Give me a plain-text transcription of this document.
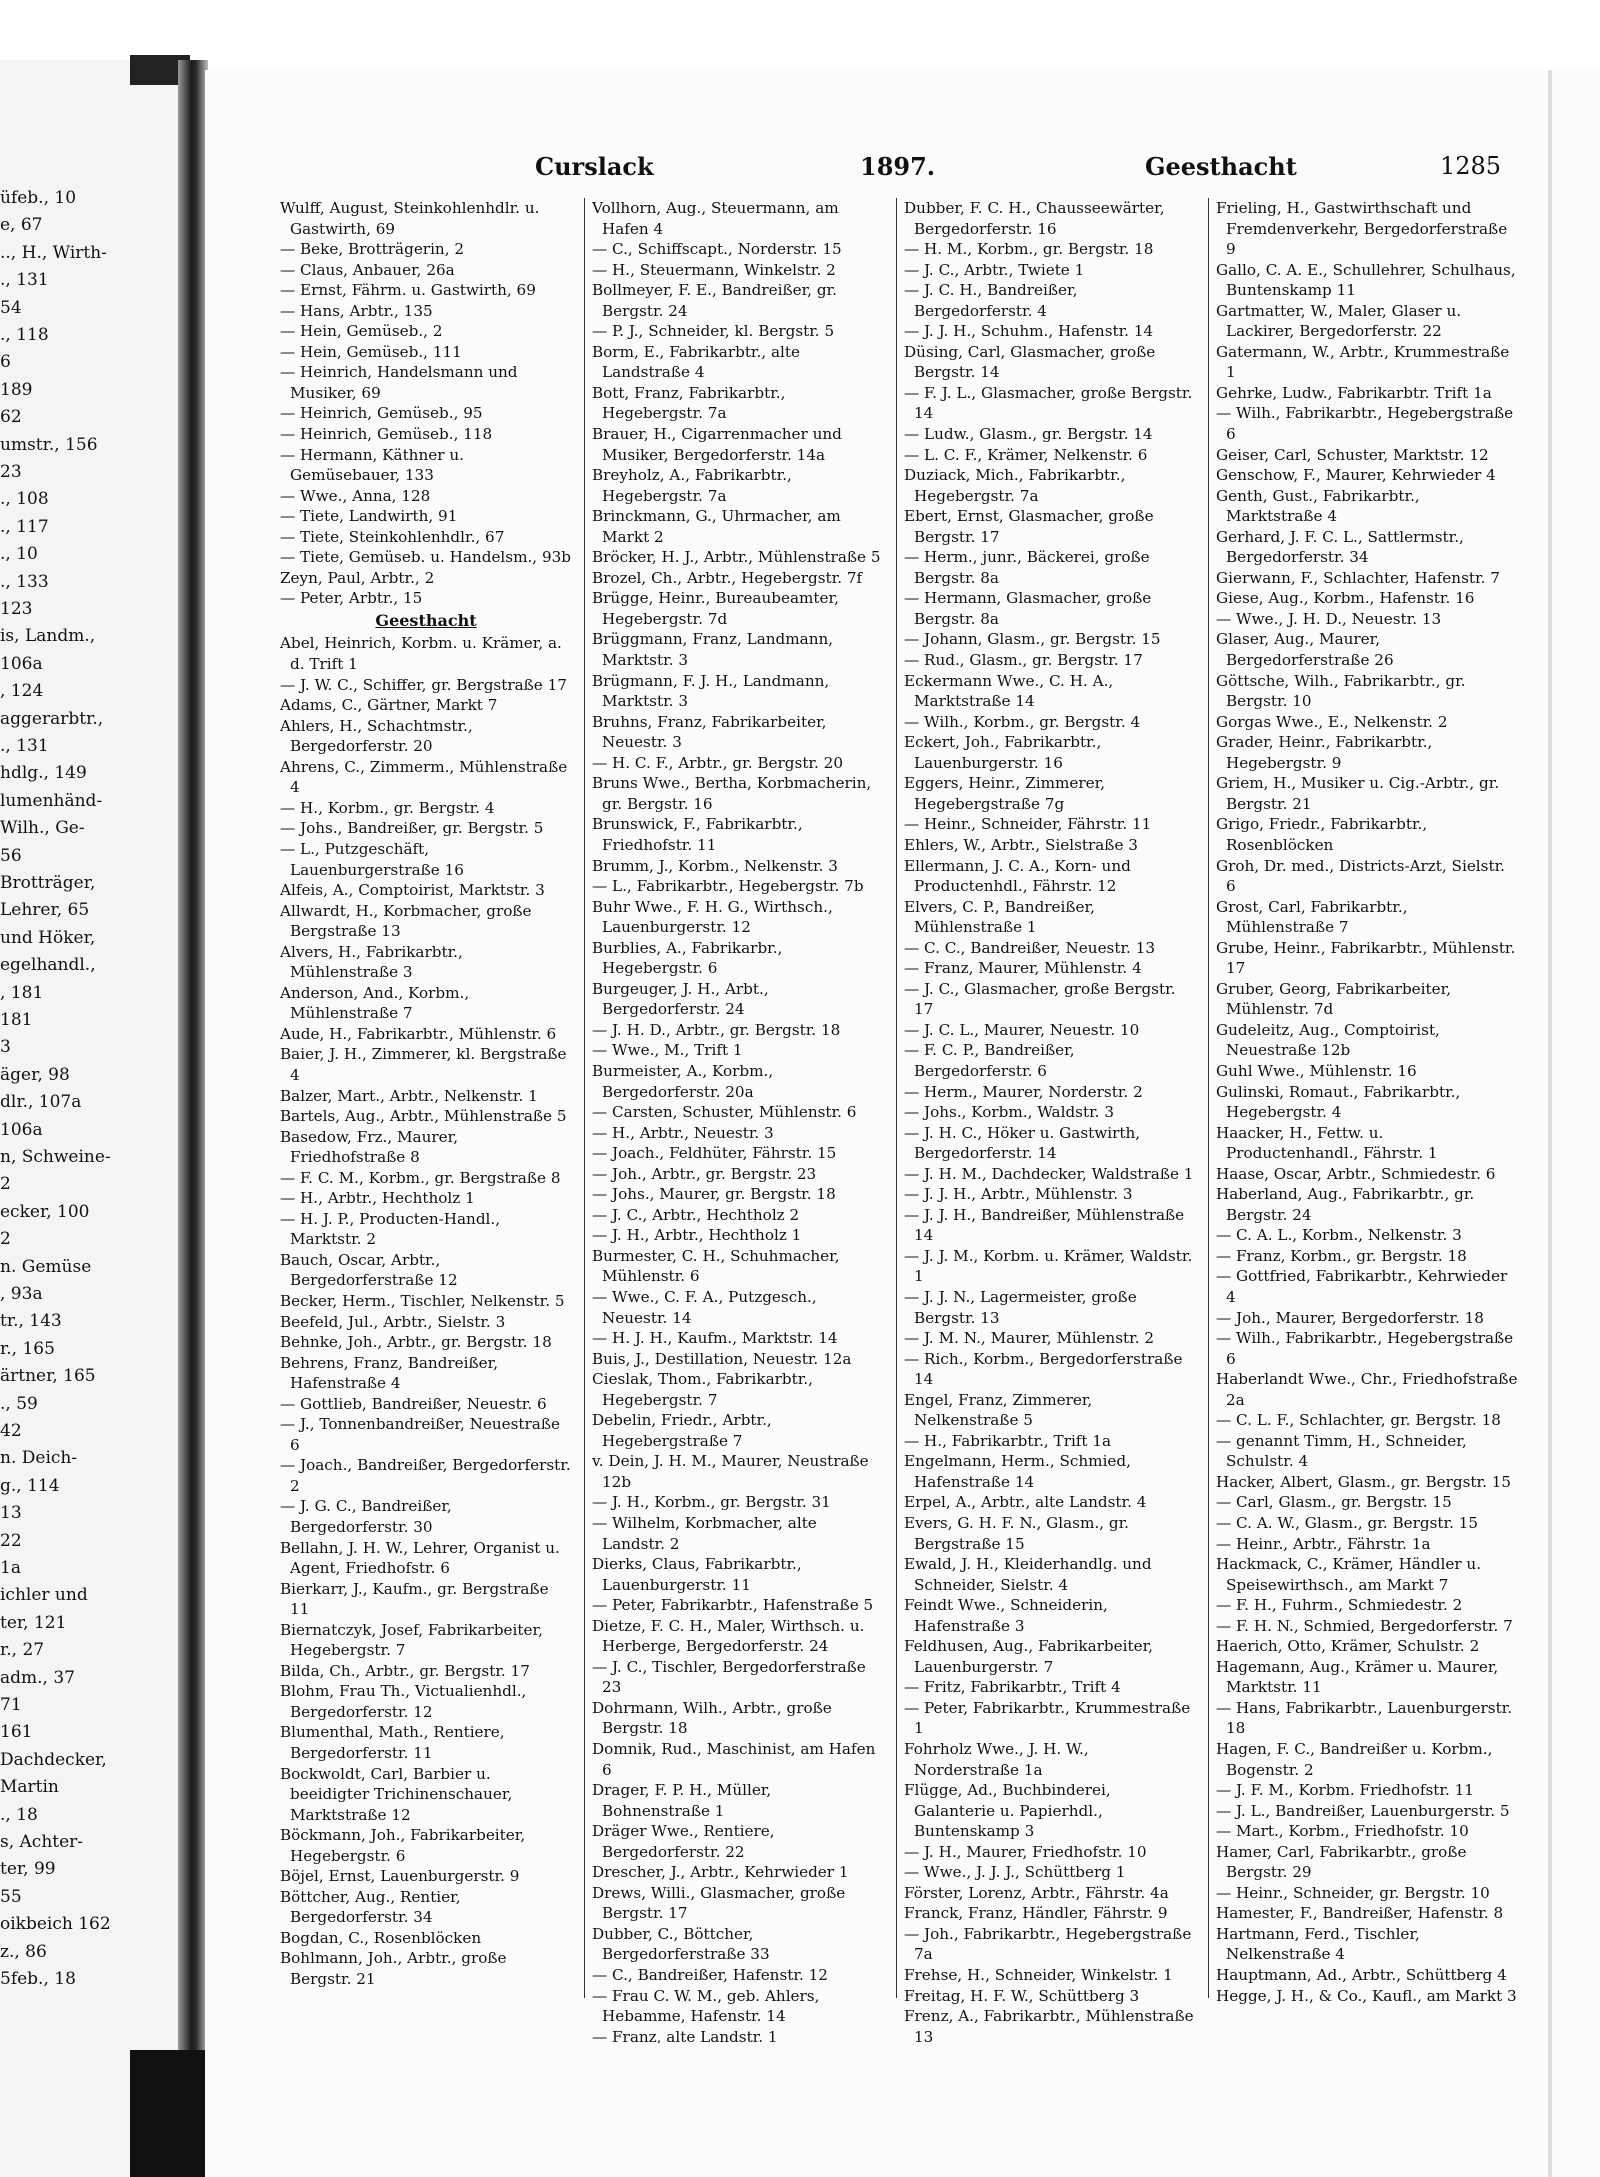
üfeb., 10
e, 67
.., H., Wirth-
., 131
54
., 118
6
189
62
umstr., 156
23
., 108
., 117
., 10
., 133
123
is, Landm.,
106a
, 124
aggerarbtr.,
., 131
hdlg., 149
lumenhänd-
Wilh., Ge-
56
Brotträger,
Lehrer, 65
und Höker,
egelhandl.,
, 181
181
3
äger, 98
dlr., 107a
106a
n, Schweine-
2
ecker, 100
2
n. Gemüse
, 93a
tr., 143
r., 165
ärtner, 165
., 59
42
n. Deich-
g., 114
13
22
1a
ichler und
ter, 121
r., 27
adm., 37
71
161
Dachdecker,
Martin
., 18
s, Achter-
ter, 99
55
oikbeich 162
z., 86
5feb., 18
Curslack	1897.	Geesthacht	1285
Wulff, August, Steinkohlenhdlr. u. Gastwirth, 69
— Beke, Brotträgerin, 2
— Claus, Anbauer, 26a
— Ernst, Fährm. u. Gastwirth, 69
— Hans, Arbtr., 135
— Hein, Gemüseb., 2
— Hein, Gemüseb., 111
— Heinrich, Handelsmann und Musiker, 69
— Heinrich, Gemüseb., 95
— Heinrich, Gemüseb., 118
— Hermann, Käthner u. Gemüsebauer, 133
— Wwe., Anna, 128
— Tiete, Landwirth, 91
— Tiete, Steinkohlenhdlr., 67
— Tiete, Gemüseb. u. Handelsm., 93b
Zeyn, Paul, Arbtr., 2
— Peter, Arbtr., 15
Geesthacht
Abel, Heinrich, Korbm. u. Krämer, a. d. Trift 1
— J. W. C., Schiffer, gr. Bergstraße 17
Adams, C., Gärtner, Markt 7
Ahlers, H., Schachtmstr., Bergedorferstr. 20
Ahrens, C., Zimmerm., Mühlenstraße 4
— H., Korbm., gr. Bergstr. 4
— Johs., Bandreißer, gr. Bergstr. 5
— L., Putzgeschäft, Lauenburgerstraße 16
Alfeis, A., Comptoirist, Marktstr. 3
Allwardt, H., Korbmacher, große Bergstraße 13
Alvers, H., Fabrikarbtr., Mühlenstraße 3
Anderson, And., Korbm., Mühlenstraße 7
Aude, H., Fabrikarbtr., Mühlenstr. 6
Baier, J. H., Zimmerer, kl. Bergstraße 4
Balzer, Mart., Arbtr., Nelkenstr. 1
Bartels, Aug., Arbtr., Mühlenstraße 5
Basedow, Frz., Maurer, Friedhofstraße 8
— F. C. M., Korbm., gr. Bergstraße 8
— H., Arbtr., Hechtholz 1
— H. J. P., Producten-Handl., Marktstr. 2
Bauch, Oscar, Arbtr., Bergedorferstraße 12
Becker, Herm., Tischler, Nelkenstr. 5
Beefeld, Jul., Arbtr., Sielstr. 3
Behnke, Joh., Arbtr., gr. Bergstr. 18
Behrens, Franz, Bandreißer, Hafenstraße 4
— Gottlieb, Bandreißer, Neuestr. 6
— J., Tonnenbandreißer, Neuestraße 6
— Joach., Bandreißer, Bergedorferstr. 2
— J. G. C., Bandreißer, Bergedorferstr. 30
Bellahn, J. H. W., Lehrer, Organist u. Agent, Friedhofstr. 6
Bierkarr, J., Kaufm., gr. Bergstraße 11
Biernatczyk, Josef, Fabrikarbeiter, Hegebergstr. 7
Bilda, Ch., Arbtr., gr. Bergstr. 17
Blohm, Frau Th., Victualienhdl., Bergedorferstr. 12
Blumenthal, Math., Rentiere, Bergedorferstr. 11
Bockwoldt, Carl, Barbier u. beeidigter Trichinenschauer, Marktstraße 12
Böckmann, Joh., Fabrikarbeiter, Hegebergstr. 6
Böjel, Ernst, Lauenburgerstr. 9
Böttcher, Aug., Rentier, Bergedorferstr. 34
Bogdan, C., Rosenblöcken
Bohlmann, Joh., Arbtr., große Bergstr. 21
Vollhorn, Aug., Steuermann, am Hafen 4
— C., Schiffscapt., Norderstr. 15
— H., Steuermann, Winkelstr. 2
Bollmeyer, F. E., Bandreißer, gr. Bergstr. 24
— P. J., Schneider, kl. Bergstr. 5
Borm, E., Fabrikarbtr., alte Landstraße 4
Bott, Franz, Fabrikarbtr., Hegebergstr. 7a
Brauer, H., Cigarrenmacher und Musiker, Bergedorferstr. 14a
Breyholz, A., Fabrikarbtr., Hegebergstr. 7a
Brinckmann, G., Uhrmacher, am Markt 2
Bröcker, H. J., Arbtr., Mühlenstraße 5
Brozel, Ch., Arbtr., Hegebergstr. 7f
Brügge, Heinr., Bureaubeamter, Hegebergstr. 7d
Brüggmann, Franz, Landmann, Marktstr. 3
Brügmann, F. J. H., Landmann, Marktstr. 3
Bruhns, Franz, Fabrikarbeiter, Neuestr. 3
— H. C. F., Arbtr., gr. Bergstr. 20
Bruns Wwe., Bertha, Korbmacherin, gr. Bergstr. 16
Brunswick, F., Fabrikarbtr., Friedhofstr. 11
Brumm, J., Korbm., Nelkenstr. 3
— L., Fabrikarbtr., Hegebergstr. 7b
Buhr Wwe., F. H. G., Wirthsch., Lauenburgerstr. 12
Burblies, A., Fabrikarbr., Hegebergstr. 6
Burgeuger, J. H., Arbt., Bergedorferstr. 24
— J. H. D., Arbtr., gr. Bergstr. 18
— Wwe., M., Trift 1
Burmeister, A., Korbm., Bergedorferstr. 20a
— Carsten, Schuster, Mühlenstr. 6
— H., Arbtr., Neuestr. 3
— Joach., Feldhüter, Fährstr. 15
— Joh., Arbtr., gr. Bergstr. 23
— Johs., Maurer, gr. Bergstr. 18
— J. C., Arbtr., Hechtholz 2
— J. H., Arbtr., Hechtholz 1
Burmester, C. H., Schuhmacher, Mühlenstr. 6
— Wwe., C. F. A., Putzgesch., Neuestr. 14
— H. J. H., Kaufm., Marktstr. 14
Buis, J., Destillation, Neuestr. 12a
Cieslak, Thom., Fabrikarbtr., Hegebergstr. 7
Debelin, Friedr., Arbtr., Hegebergstraße 7
v. Dein, J. H. M., Maurer, Neustraße 12b
— J. H., Korbm., gr. Bergstr. 31
— Wilhelm, Korbmacher, alte Landstr. 2
Dierks, Claus, Fabrikarbtr., Lauenburgerstr. 11
— Peter, Fabrikarbtr., Hafenstraße 5
Dietze, F. C. H., Maler, Wirthsch. u. Herberge, Bergedorferstr. 24
— J. C., Tischler, Bergedorferstraße 23
Dohrmann, Wilh., Arbtr., große Bergstr. 18
Domnik, Rud., Maschinist, am Hafen 6
Drager, F. P. H., Müller, Bohnenstraße 1
Dräger Wwe., Rentiere, Bergedorferstr. 22
Drescher, J., Arbtr., Kehrwieder 1
Drews, Willi., Glasmacher, große Bergstr. 17
Dubber, C., Böttcher, Bergedorferstraße 33
— C., Bandreißer, Hafenstr. 12
— Frau C. W. M., geb. Ahlers, Hebamme, Hafenstr. 14
— Franz, alte Landstr. 1
Dubber, F. C. H., Chausseewärter, Bergedorferstr. 16
— H. M., Korbm., gr. Bergstr. 18
— J. C., Arbtr., Twiete 1
— J. C. H., Bandreißer, Bergedorferstr. 4
— J. J. H., Schuhm., Hafenstr. 14
Düsing, Carl, Glasmacher, große Bergstr. 14
— F. J. L., Glasmacher, große Bergstr. 14
— Ludw., Glasm., gr. Bergstr. 14
— L. C. F., Krämer, Nelkenstr. 6
Duziack, Mich., Fabrikarbtr., Hegebergstr. 7a
Ebert, Ernst, Glasmacher, große Bergstr. 17
— Herm., junr., Bäckerei, große Bergstr. 8a
— Hermann, Glasmacher, große Bergstr. 8a
— Johann, Glasm., gr. Bergstr. 15
— Rud., Glasm., gr. Bergstr. 17
Eckermann Wwe., C. H. A., Marktstraße 14
— Wilh., Korbm., gr. Bergstr. 4
Eckert, Joh., Fabrikarbtr., Lauenburgerstr. 16
Eggers, Heinr., Zimmerer, Hegebergstraße 7g
— Heinr., Schneider, Fährstr. 11
Ehlers, W., Arbtr., Sielstraße 3
Ellermann, J. C. A., Korn- und Productenhdl., Fährstr. 12
Elvers, C. P., Bandreißer, Mühlenstraße 1
— C. C., Bandreißer, Neuestr. 13
— Franz, Maurer, Mühlenstr. 4
— J. C., Glasmacher, große Bergstr. 17
— J. C. L., Maurer, Neuestr. 10
— F. C. P., Bandreißer, Bergedorferstr. 6
— Herm., Maurer, Norderstr. 2
— Johs., Korbm., Waldstr. 3
— J. H. C., Höker u. Gastwirth, Bergedorferstr. 14
— J. H. M., Dachdecker, Waldstraße 1
— J. J. H., Arbtr., Mühlenstr. 3
— J. J. H., Bandreißer, Mühlenstraße 14
— J. J. M., Korbm. u. Krämer, Waldstr. 1
— J. J. N., Lagermeister, große Bergstr. 13
— J. M. N., Maurer, Mühlenstr. 2
— Rich., Korbm., Bergedorferstraße 14
Engel, Franz, Zimmerer, Nelkenstraße 5
— H., Fabrikarbtr., Trift 1a
Engelmann, Herm., Schmied, Hafenstraße 14
Erpel, A., Arbtr., alte Landstr. 4
Evers, G. H. F. N., Glasm., gr. Bergstraße 15
Ewald, J. H., Kleiderhandlg. und Schneider, Sielstr. 4
Feindt Wwe., Schneiderin, Hafenstraße 3
Feldhusen, Aug., Fabrikarbeiter, Lauenburgerstr. 7
— Fritz, Fabrikarbtr., Trift 4
— Peter, Fabrikarbtr., Krummestraße 1
Fohrholz Wwe., J. H. W., Norderstraße 1a
Flügge, Ad., Buchbinderei, Galanterie u. Papierhdl., Buntenskamp 3
— J. H., Maurer, Friedhofstr. 10
— Wwe., J. J. J., Schüttberg 1
Förster, Lorenz, Arbtr., Fährstr. 4a
Franck, Franz, Händler, Fährstr. 9
— Joh., Fabrikarbtr., Hegebergstraße 7a
Frehse, H., Schneider, Winkelstr. 1
Freitag, H. F. W., Schüttberg 3
Frenz, A., Fabrikarbtr., Mühlenstraße 13
Frieling, H., Gastwirthschaft und Fremdenverkehr, Bergedorferstraße 9
Gallo, C. A. E., Schullehrer, Schulhaus, Buntenskamp 11
Gartmatter, W., Maler, Glaser u. Lackirer, Bergedorferstr. 22
Gatermann, W., Arbtr., Krummestraße 1
Gehrke, Ludw., Fabrikarbtr. Trift 1a
— Wilh., Fabrikarbtr., Hegebergstraße 6
Geiser, Carl, Schuster, Marktstr. 12
Genschow, F., Maurer, Kehrwieder 4
Genth, Gust., Fabrikarbtr., Marktstraße 4
Gerhard, J. F. C. L., Sattlermstr., Bergedorferstr. 34
Gierwann, F., Schlachter, Hafenstr. 7
Giese, Aug., Korbm., Hafenstr. 16
— Wwe., J. H. D., Neuestr. 13
Glaser, Aug., Maurer, Bergedorferstraße 26
Göttsche, Wilh., Fabrikarbtr., gr. Bergstr. 10
Gorgas Wwe., E., Nelkenstr. 2
Grader, Heinr., Fabrikarbtr., Hegebergstr. 9
Griem, H., Musiker u. Cig.-Arbtr., gr. Bergstr. 21
Grigo, Friedr., Fabrikarbtr., Rosenblöcken
Groh, Dr. med., Districts-Arzt, Sielstr. 6
Grost, Carl, Fabrikarbtr., Mühlenstraße 7
Grube, Heinr., Fabrikarbtr., Mühlenstr. 17
Gruber, Georg, Fabrikarbeiter, Mühlenstr. 7d
Gudeleitz, Aug., Comptoirist, Neuestraße 12b
Guhl Wwe., Mühlenstr. 16
Gulinski, Romaut., Fabrikarbtr., Hegebergstr. 4
Haacker, H., Fettw. u. Productenhandl., Fährstr. 1
Haase, Oscar, Arbtr., Schmiedestr. 6
Haberland, Aug., Fabrikarbtr., gr. Bergstr. 24
— C. A. L., Korbm., Nelkenstr. 3
— Franz, Korbm., gr. Bergstr. 18
— Gottfried, Fabrikarbtr., Kehrwieder 4
— Joh., Maurer, Bergedorferstr. 18
— Wilh., Fabrikarbtr., Hegebergstraße 6
Haberlandt Wwe., Chr., Friedhofstraße 2a
— C. L. F., Schlachter, gr. Bergstr. 18
— genannt Timm, H., Schneider, Schulstr. 4
Hacker, Albert, Glasm., gr. Bergstr. 15
— Carl, Glasm., gr. Bergstr. 15
— C. A. W., Glasm., gr. Bergstr. 15
— Heinr., Arbtr., Fährstr. 1a
Hackmack, C., Krämer, Händler u. Speisewirthsch., am Markt 7
— F. H., Fuhrm., Schmiedestr. 2
— F. H. N., Schmied, Bergedorferstr. 7
Haerich, Otto, Krämer, Schulstr. 2
Hagemann, Aug., Krämer u. Maurer, Marktstr. 11
— Hans, Fabrikarbtr., Lauenburgerstr. 18
Hagen, F. C., Bandreißer u. Korbm., Bogenstr. 2
— J. F. M., Korbm. Friedhofstr. 11
— J. L., Bandreißer, Lauenburgerstr. 5
— Mart., Korbm., Friedhofstr. 10
Hamer, Carl, Fabrikarbtr., große Bergstr. 29
— Heinr., Schneider, gr. Bergstr. 10
Hamester, F., Bandreißer, Hafenstr. 8
Hartmann, Ferd., Tischler, Nelkenstraße 4
Hauptmann, Ad., Arbtr., Schüttberg 4
Hegge, J. H., & Co., Kaufl., am Markt 3
